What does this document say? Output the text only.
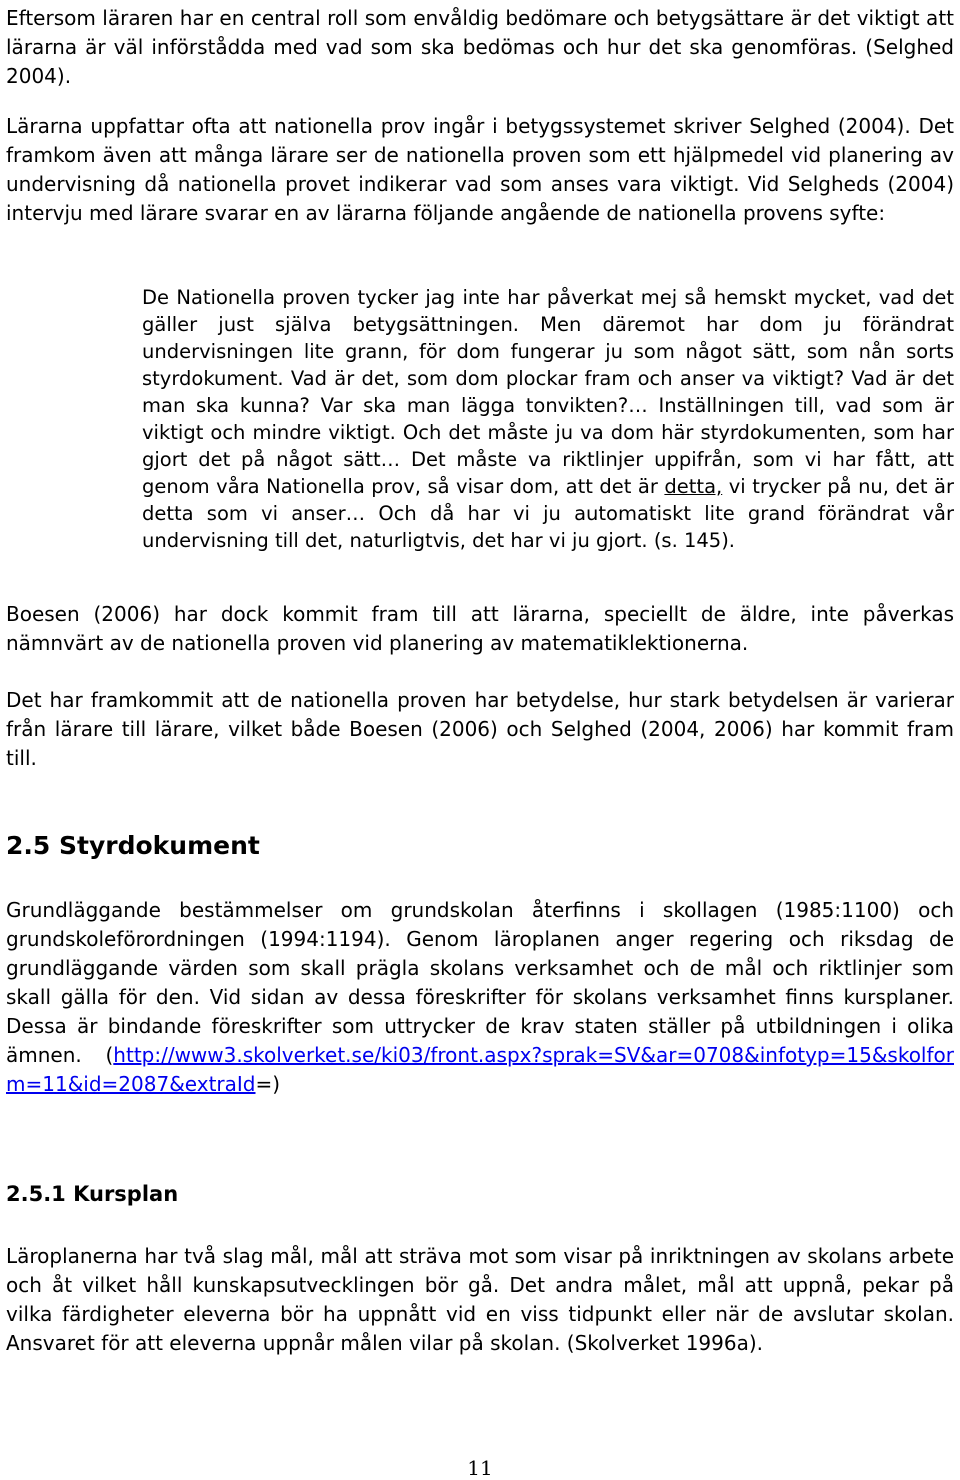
Eftersom läraren har en central roll som envåldig bedömare och betygsättare är det viktigt att lärarna är väl införstådda med vad som ska bedömas och hur det ska genomföras. (Selghed 2004).

Lärarna uppfattar ofta att nationella prov ingår i betygssystemet skriver Selghed (2004). Det framkom även att många lärare ser de nationella proven som ett hjälpmedel vid planering av undervisning då nationella provet indikerar vad som anses vara viktigt. Vid Selgheds (2004) intervju med lärare svarar en av lärarna följande angående de nationella provens syfte:

De Nationella proven tycker jag inte har påverkat mej så hemskt mycket, vad det gäller just själva betygsättningen. Men däremot har dom ju förändrat undervisningen lite grann, för dom fungerar ju som något sätt, som nån sorts styrdokument. Vad är det, som dom plockar fram och anser va viktigt? Vad är det man ska kunna? Var ska man lägga tonvikten?… Inställningen till, vad som är viktigt och mindre viktigt. Och det måste ju va dom här styrdokumenten, som har gjort det på något sätt… Det måste va riktlinjer uppifrån, som vi har fått, att genom våra Nationella prov, så visar dom, att det är detta, vi trycker på nu, det är detta som vi anser… Och då har vi ju automatiskt lite grand förändrat vår undervisning till det, naturligtvis, det har vi ju gjort. (s. 145).

Boesen (2006) har dock kommit fram till att lärarna, speciellt de äldre, inte påverkas nämnvärt av de nationella proven vid planering av matematiklektionerna.

Det har framkommit att de nationella proven har betydelse, hur stark betydelsen är varierar från lärare till lärare, vilket både Boesen (2006) och Selghed (2004, 2006) har kommit fram till.

2.5 Styrdokument

Grundläggande bestämmelser om grundskolan återfinns i skollagen (1985:1100) och grundskoleförordningen (1994:1194). Genom läroplanen anger regering och riksdag de grundläggande värden som skall prägla skolans verksamhet och de mål och riktlinjer som skall gälla för den. Vid sidan av dessa föreskrifter för skolans verksamhet finns kursplaner. Dessa är bindande föreskrifter som uttrycker de krav staten ställer på utbildningen i olika ämnen. (http://www3.skolverket.se/ki03/front.aspx?sprak=SV&ar=0708&infotyp=15&skolform=11&id=2087&extraId=)

2.5.1 Kursplan

Läroplanerna har två slag mål, mål att sträva mot som visar på inriktningen av skolans arbete och åt vilket håll kunskapsutvecklingen bör gå. Det andra målet, mål att uppnå, pekar på vilka färdigheter eleverna bör ha uppnått vid en viss tidpunkt eller när de avslutar skolan. Ansvaret för att eleverna uppnår målen vilar på skolan. (Skolverket 1996a).

11
